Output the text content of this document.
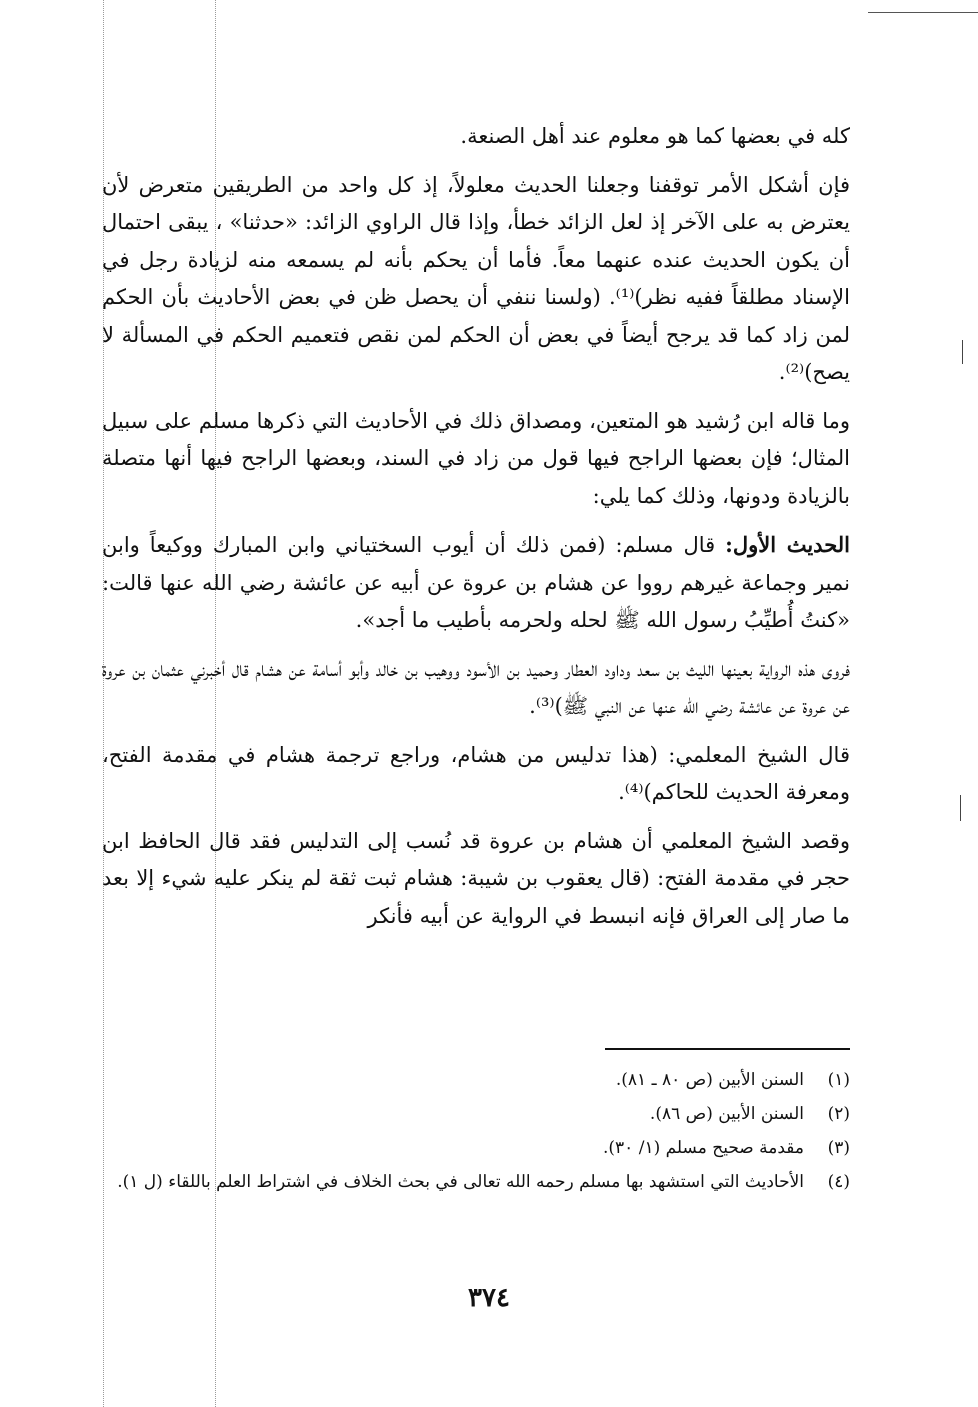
كله في بعضها كما هو معلوم عند أهل الصنعة.

فإن أشكل الأمر توقفنا وجعلنا الحديث معلولاً، إذ كل واحد من الطريقين متعرض لأن يعترض به على الآخر إذ لعل الزائد خطأ، وإذا قال الراوي الزائد: «حدثنا» ، يبقى احتمال أن يكون الحديث عنده عنهما معاً. فأما أن يحكم بأنه لم يسمعه منه لزيادة رجل في الإسناد مطلقاً ففيه نظر)⁽¹⁾. (ولسنا ننفي أن يحصل ظن في بعض الأحاديث بأن الحكم لمن زاد كما قد يرجح أيضاً في بعض أن الحكم لمن نقص فتعميم الحكم في المسألة لا يصح)⁽²⁾.

وما قاله ابن رُشيد هو المتعين، ومصداق ذلك في الأحاديث التي ذكرها مسلم على سبيل المثال؛ فإن بعضها الراجح فيها قول من زاد في السند، وبعضها الراجح فيها أنها متصلة بالزيادة ودونها، وذلك كما يلي:

الحديث الأول: قال مسلم: (فمن ذلك أن أيوب السختياني وابن المبارك ووكيعاً وابن نمير وجماعة غيرهم رووا عن هشام بن عروة عن أبيه عن عائشة رضي الله عنها قالت: «كنتُ أُطيِّبُ رسول الله ﷺ لحله ولحرمه بأطيب ما أجد».

فروى هذه الرواية بعينها الليث بن سعد وداود العطار وحميد بن الأسود ووهيب بن خالد وأبو أسامة عن هشام قال أخبرني عثمان بن عروة عن عروة عن عائشة رضي الله عنها عن النبي ﷺ)⁽³⁾.

قال الشيخ المعلمي: (هذا تدليس من هشام، وراجع ترجمة هشام في مقدمة الفتح، ومعرفة الحديث للحاكم)⁽⁴⁾.

وقصد الشيخ المعلمي أن هشام بن عروة قد نُسب إلى التدليس فقد قال الحافظ ابن حجر في مقدمة الفتح: (قال يعقوب بن شيبة: هشام ثبت ثقة لم ينكر عليه شيء إلا بعد ما صار إلى العراق فإنه انبسط في الرواية عن أبيه فأنكر

(١)
السنن الأبين (ص ٨٠ ـ ٨١).
(٢)
السنن الأبين (ص ٨٦).
(٣)
مقدمة صحيح مسلم (١/ ٣٠).
(٤)
الأحاديث التي استشهد بها مسلم رحمه الله تعالى في بحث الخلاف في اشتراط العلم باللقاء (ل ١).

٣٧٤
